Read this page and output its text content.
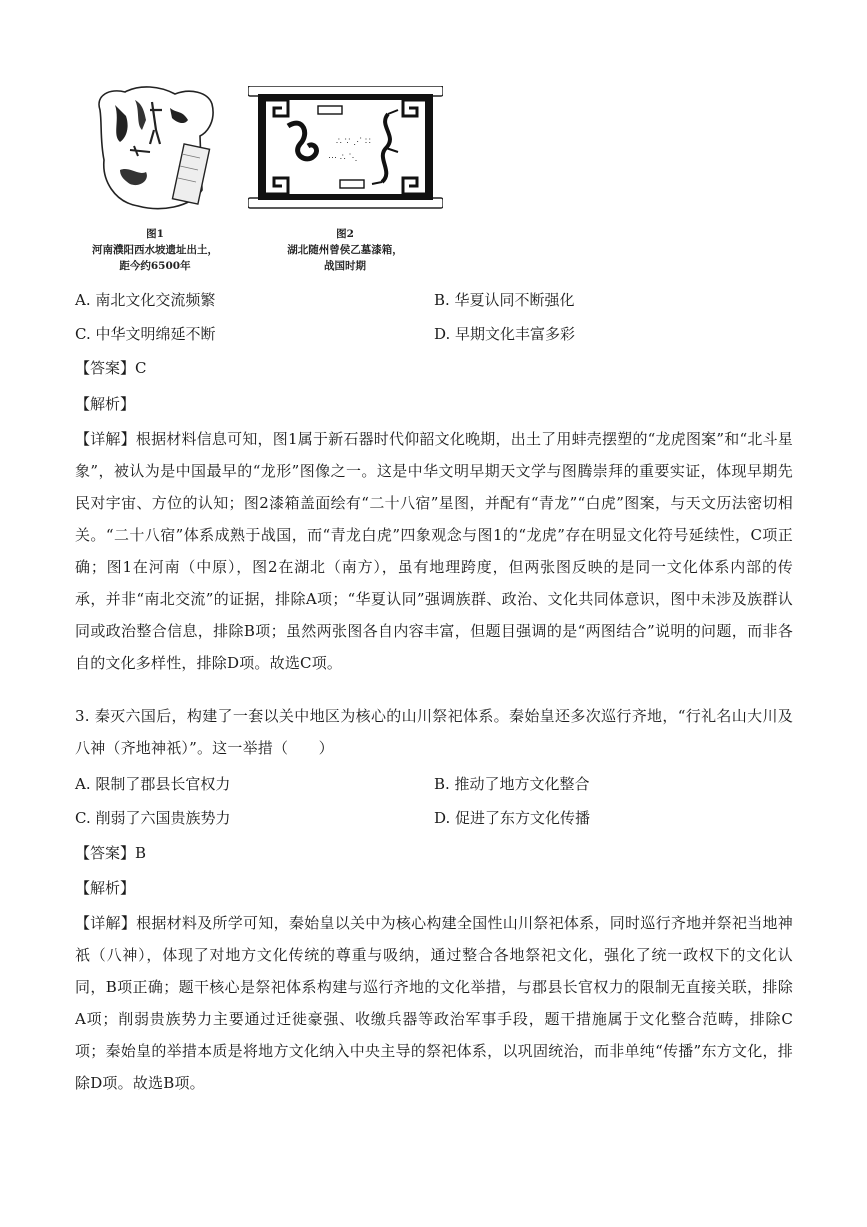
图1
河南濮阳西水坡遗址出土，
距今约6500年
∴ ∵ ⋰ ∷
⋯ ∴ ⋱
图2
湖北随州曾侯乙墓漆箱，
战国时期
A. 南北文化交流频繁	B. 华夏认同不断强化
C. 中华文明绵延不断	D. 早期文化丰富多彩
【答案】C
【解析】
【详解】根据材料信息可知，图1属于新石器时代仰韶文化晚期，出土了用蚌壳摆塑的“龙虎图案”和“北斗星象”，被认为是中国最早的“龙形”图像之一。这是中华文明早期天文学与图腾崇拜的重要实证，体现早期先民对宇宙、方位的认知；图2漆箱盖面绘有“二十八宿”星图，并配有“青龙”“白虎”图案，与天文历法密切相关。“二十八宿”体系成熟于战国，而“青龙白虎”四象观念与图1的“龙虎”存在明显文化符号延续性，C项正确；图1在河南（中原），图2在湖北（南方），虽有地理跨度，但两张图反映的是同一文化体系内部的传承，并非“南北交流”的证据，排除A项；“华夏认同”强调族群、政治、文化共同体意识，图中未涉及族群认同或政治整合信息，排除B项；虽然两张图各自内容丰富，但题目强调的是“两图结合”说明的问题，而非各自的文化多样性，排除D项。故选C项。
3. 秦灭六国后，构建了一套以关中地区为核心的山川祭祀体系。秦始皇还多次巡行齐地，“行礼名山大川及八神（齐地神祇）”。这一举措（　　）
A. 限制了郡县长官权力	B. 推动了地方文化整合
C. 削弱了六国贵族势力	D. 促进了东方文化传播
【答案】B
【解析】
【详解】根据材料及所学可知，秦始皇以关中为核心构建全国性山川祭祀体系，同时巡行齐地并祭祀当地神祇（八神），体现了对地方文化传统的尊重与吸纳，通过整合各地祭祀文化，强化了统一政权下的文化认同，B项正确；题干核心是祭祀体系构建与巡行齐地的文化举措，与郡县长官权力的限制无直接关联，排除A项；削弱贵族势力主要通过迁徙豪强、收缴兵器等政治军事手段，题干措施属于文化整合范畴，排除C项；秦始皇的举措本质是将地方文化纳入中央主导的祭祀体系，以巩固统治，而非单纯“传播”东方文化，排除D项。故选B项。
